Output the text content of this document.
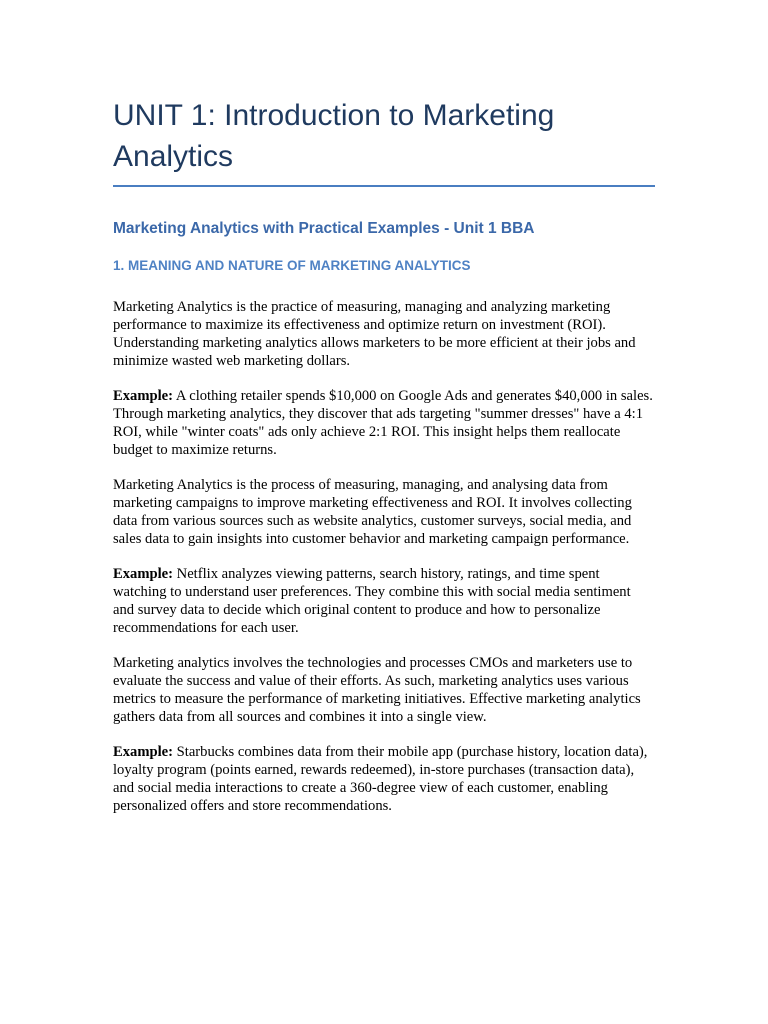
UNIT 1: Introduction to Marketing Analytics
Marketing Analytics with Practical Examples - Unit 1 BBA
1. MEANING AND NATURE OF MARKETING ANALYTICS

Marketing Analytics is the practice of measuring, managing and analyzing marketing performance to maximize its effectiveness and optimize return on investment (ROI). Understanding marketing analytics allows marketers to be more efficient at their jobs and minimize wasted web marketing dollars.

Example: A clothing retailer spends $10,000 on Google Ads and generates $40,000 in sales. Through marketing analytics, they discover that ads targeting "summer dresses" have a 4:1 ROI, while "winter coats" ads only achieve 2:1 ROI. This insight helps them reallocate budget to maximize returns.

Marketing Analytics is the process of measuring, managing, and analysing data from marketing campaigns to improve marketing effectiveness and ROI. It involves collecting data from various sources such as website analytics, customer surveys, social media, and sales data to gain insights into customer behavior and marketing campaign performance.

Example: Netflix analyzes viewing patterns, search history, ratings, and time spent watching to understand user preferences. They combine this with social media sentiment and survey data to decide which original content to produce and how to personalize recommendations for each user.

Marketing analytics involves the technologies and processes CMOs and marketers use to evaluate the success and value of their efforts. As such, marketing analytics uses various metrics to measure the performance of marketing initiatives. Effective marketing analytics gathers data from all sources and combines it into a single view.

Example: Starbucks combines data from their mobile app (purchase history, location data), loyalty program (points earned, rewards redeemed), in-store purchases (transaction data), and social media interactions to create a 360-degree view of each customer, enabling personalized offers and store recommendations.
